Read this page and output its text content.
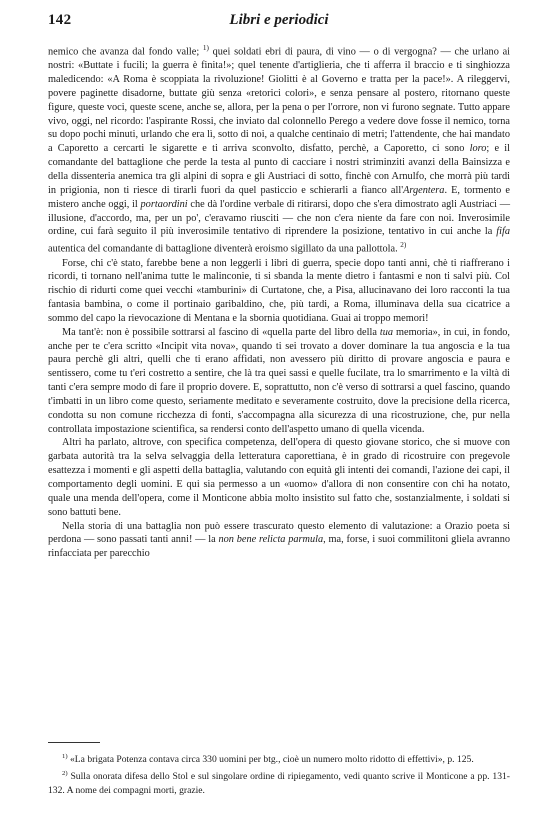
142	Libri e periodici

nemico che avanza dal fondo valle; $^{1)}$ quei soldati ebri di paura, di vino — o di vergogna? — che urlano ai nostri: «Buttate i fucili; la guerra è finita!»; quel tenente d'artiglieria, che ti afferra il braccio e ti singhiozza maledicendo: «A Roma è scoppiata la rivoluzione! Giolitti è al Governo e tratta per la pace!». A rileggervi, povere paginette disadorne, buttate giù senza «retorici colori», e senza pensare al postero, ritornano queste figure, queste voci, queste scene, anche se, allora, per la pena o per l'orrore, non vi furono segnate. Tutto appare vivo, oggi, nel ricordo: l'aspirante Rossi, che inviato dal colonnello Perego a vedere dove fosse il nemico, torna su dopo pochi minuti, urlando che era lì, sotto di noi, a qualche centinaio di metri; l'attendente, che hai mandato a Caporetto a cercarti le sigarette e ti arriva sconvolto, disfatto, perchè, a Caporetto, ci sono loro; e il comandante del battaglione che perde la testa al punto di cacciare i nostri striminziti avanzi della Bainsizza e della dissenteria anemica tra gli alpini di sopra e gli Austriaci di sotto, finchè con Arnulfo, che morrà più tardi in prigionia, non ti riesce di tirarli fuori da quel pasticcio e schierarli a fianco all'Argentera. E, tormento e mistero anche oggi, il portaordini che dà l'ordine verbale di ritirarsi, dopo che s'era dimostrato agli Austriaci — illusione, d'accordo, ma, per un po', c'eravamo riusciti — che non c'era niente da fare con noi. Inverosimile ordine, cui farà seguito il più inverosimile tentativo di riprendere la posizione, tentativo in cui anche la fifa autentica del comandante di battaglione diventerà eroismo sigillato da una pallottola. $^{2)}$

Forse, chi c'è stato, farebbe bene a non leggerli i libri di guerra, specie dopo tanti anni, chè ti riaffrerano i ricordi, ti tornano nell'anima tutte le malinconie, ti si sbanda la mente dietro i fantasmi e non ti salvi più. Col rischio di ridurti come quei vecchi «tamburini» di Curtatone, che, a Pisa, allucinavano dei loro racconti la tua fantasia bambina, o come il portinaio garibaldino, che, più tardi, a Roma, illuminava della sua cicatrice a sommo del capo la rievocazione di Mentana e la sbornia quotidiana. Guai ai troppo memori!

Ma tant'è: non è possibile sottrarsi al fascino di «quella parte del libro della tua memoria», in cui, in fondo, anche per te c'era scritto «Incipit vita nova», quando ti sei trovato a dover dominare la tua angoscia e la tua paura perchè gli altri, quelli che ti erano affidati, non avessero più diritto di provare angoscia e paura e sentissero, come tu t'eri costretto a sentire, che là tra quei sassi e quelle fucilate, tra lo smarrimento e la viltà di tanti c'era sempre modo di fare il proprio dovere. E, soprattutto, non c'è verso di sottrarsi a quel fascino, quando t'imbatti in un libro come questo, seriamente meditato e severamente costruito, dove la precisione della ricerca, condotta su non comune ricchezza di fonti, s'accompagna alla sicurezza di una ricostruzione, che, pur nella controllata impostazione scientifica, sa rendersi conto dell'aspetto umano di quella vicenda.

Altri ha parlato, altrove, con specifica competenza, dell'opera di questo giovane storico, che si muove con garbata autorità tra la selva selvaggia della letteratura caporettiana, è in grado di ricostruire con pregevole esattezza i momenti e gli aspetti della battaglia, valutando con equità gli intenti dei comandi, l'azione dei capi, il comportamento degli uomini. E qui sia permesso a un «uomo» d'allora di non consentire con chi ha notato, quale una menda dell'opera, come il Monticone abbia molto insistito sul fatto che, sostanzialmente, i soldati si sono battuti bene.

Nella storia di una battaglia non può essere trascurato questo elemento di valutazione: a Orazio poeta si perdona — sono passati tanti anni! — la non bene relicta parmula, ma, forse, i suoi commilitoni gliela avranno rinfacciata per parecchio

$^{1)}$ «La brigata Potenza contava circa 330 uomini per btg., cioè un numero molto ridotto di effettivi», p. 125.

$^{2)}$ Sulla onorata difesa dello Stol e sul singolare ordine di ripiegamento, vedi quanto scrive il Monticone a pp. 131-132. A nome dei compagni morti, grazie.
